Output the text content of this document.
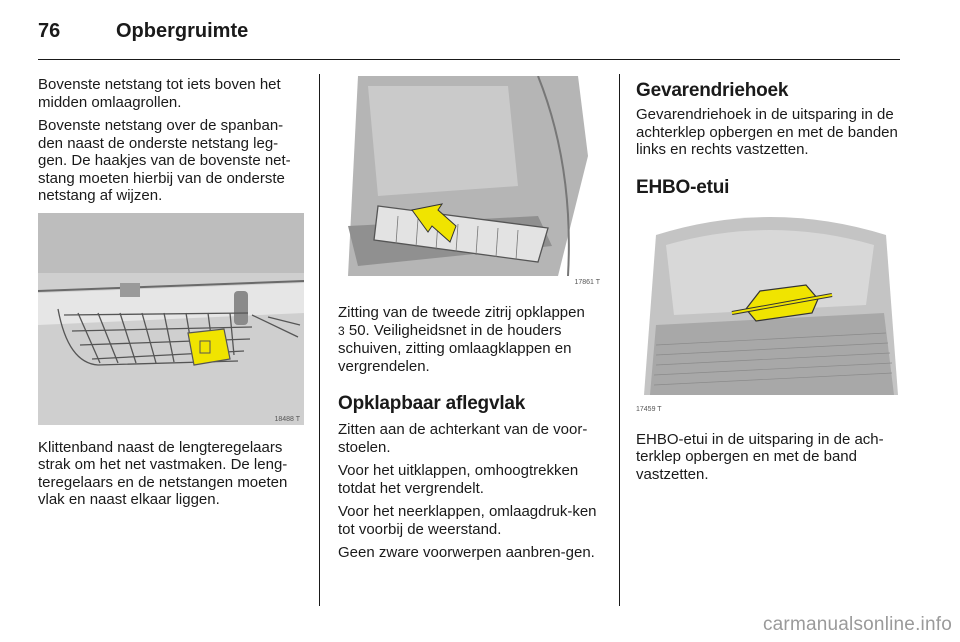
76	Opbergruimte

Bovenste netstang tot iets boven het midden omlaagrollen.

Bovenste netstang over de spanban-den naast de onderste netstang leg-gen. De haakjes van de bovenste net-stang moeten hierbij van de onderste netstang af wijzen.

18488 T

Klittenband naast de lengteregelaars strak om het net vastmaken. De leng-teregelaars en de netstangen moeten vlak en naast elkaar liggen.

17861 T

Zitting van de tweede zitrij opklappen
3 50. Veiligheidsnet in de houders schuiven, zitting omlaagklappen en vergrendelen.

Opklapbaar aflegvlak

Zitten aan de achterkant van de voor-stoelen.

Voor het uitklappen, omhoogtrekken totdat het vergrendelt.

Voor het neerklappen, omlaagdruk-ken tot voorbij de weerstand.

Geen zware voorwerpen aanbren-gen.

Gevarendriehoek

Gevarendriehoek in de uitsparing in de achterklep opbergen en met de banden links en rechts vastzetten.

EHBO-etui
17459 T

EHBO-etui in de uitsparing in de ach-terklep opbergen en met de band vastzetten.

carmanualsonline.info
